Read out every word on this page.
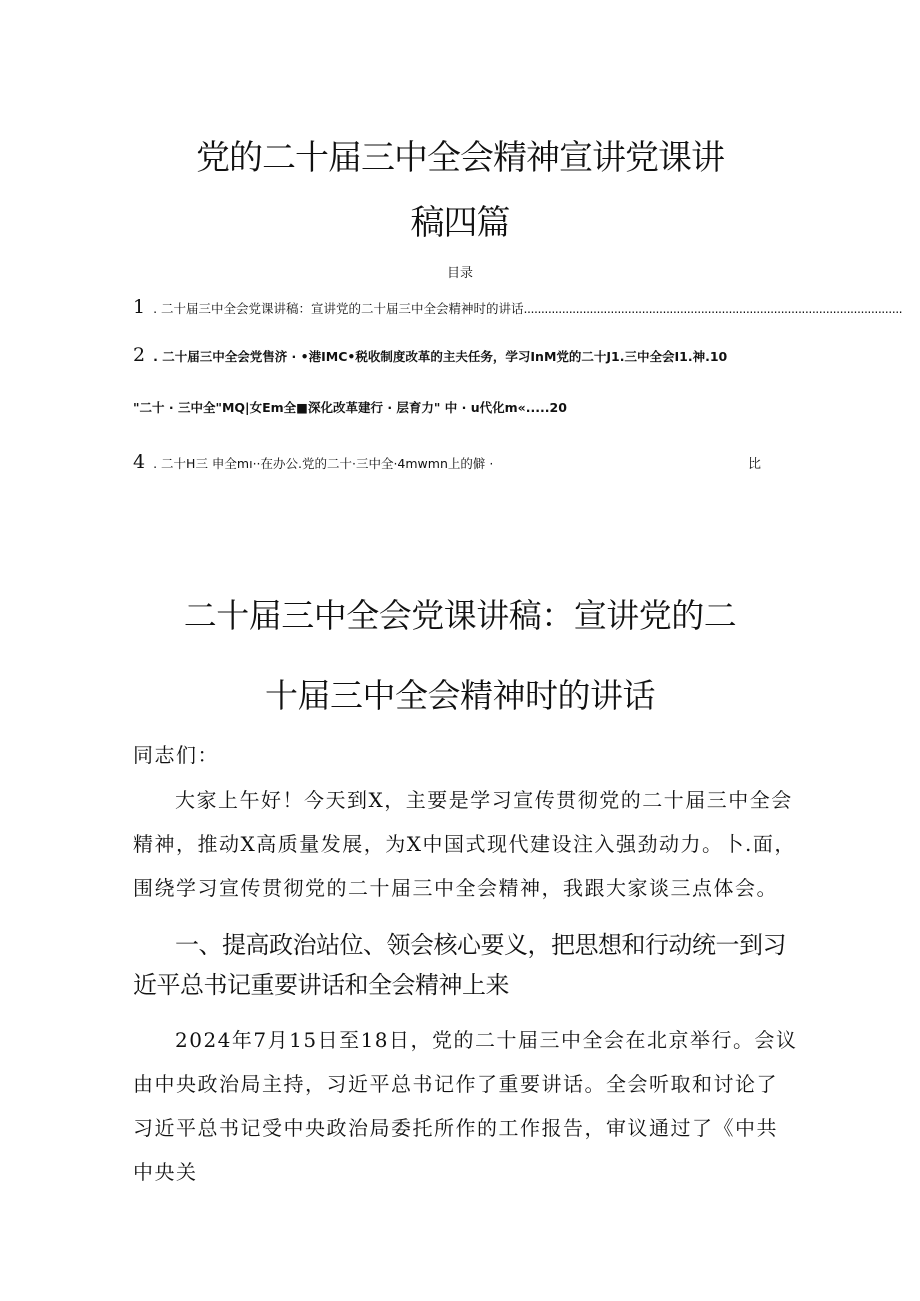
党的二十届三中全会精神宣讲党课讲
稿四篇
目录
1 . 二十届三中全会党课讲稿：宣讲党的二十届三中全会精神时的讲话.............................................................................................................
2 . 二十届三中全会党售济 · •港IMC•税收制度改革的主夫任务，学习InM党的二十J1.三中全会I1.神.10
"二十 · 三中全"MQ|女Em全■深化改革建行 · 层育力" 中 · u代化m«.....20
4 . 二十H三 申全mı··在办公.党的二十·三中全·4mwmn上的僻 ·	比
二十届三中全会党课讲稿：宣讲党的二
十届三中全会精神时的讲话
同志们：
大家上午好！今天到X，主要是学习宣传贯彻党的二十届三中全会精神，推动X高质量发展，为X中国式现代建设注入强劲动力。卜.面，围绕学习宣传贯彻党的二十届三中全会精神，我跟大家谈三点体会。
一、提高政治站位、领会核心要义，把思想和行动统一到习近平总书记重要讲话和全会精神上来
2024年7月15日至18日，党的二十届三中全会在北京举行。会议由中央政治局主持，习近平总书记作了重要讲话。全会听取和讨论了习近平总书记受中央政治局委托所作的工作报告，审议通过了《中共中央关
